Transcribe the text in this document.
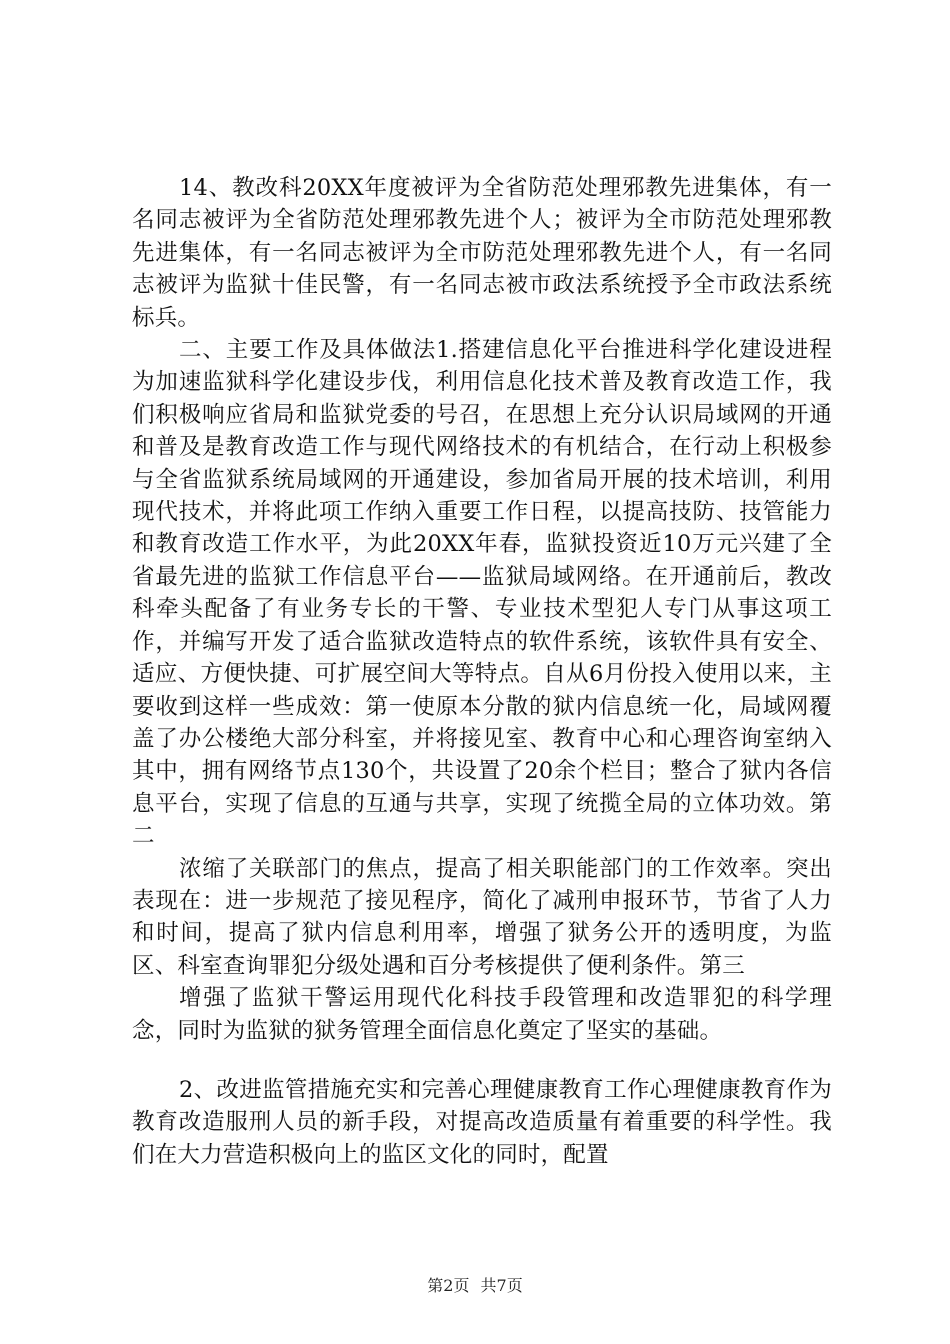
14、教改科20XX年度被评为全省防范处理邪教先进集体，有一名同志被评为全省防范处理邪教先进个人；被评为全市防范处理邪教先进集体，有一名同志被评为全市防范处理邪教先进个人，有一名同志被评为监狱十佳民警，有一名同志被市政法系统授予全市政法系统标兵。

二、主要工作及具体做法1.搭建信息化平台推进科学化建设进程为加速监狱科学化建设步伐，利用信息化技术普及教育改造工作，我们积极响应省局和监狱党委的号召，在思想上充分认识局域网的开通和普及是教育改造工作与现代网络技术的有机结合，在行动上积极参与全省监狱系统局域网的开通建设，参加省局开展的技术培训，利用现代技术，并将此项工作纳入重要工作日程，以提高技防、技管能力和教育改造工作水平，为此20XX年春，监狱投资近10万元兴建了全省最先进的监狱工作信息平台——监狱局域网络。在开通前后，教改科牵头配备了有业务专长的干警、专业技术型犯人专门从事这项工作，并编写开发了适合监狱改造特点的软件系统，该软件具有安全、适应、方便快捷、可扩展空间大等特点。自从6月份投入使用以来，主要收到这样一些成效：第一使原本分散的狱内信息统一化，局域网覆盖了办公楼绝大部分科室，并将接见室、教育中心和心理咨询室纳入其中，拥有网络节点130个，共设置了20余个栏目；整合了狱内各信息平台，实现了信息的互通与共享，实现了统揽全局的立体功效。第二

浓缩了关联部门的焦点，提高了相关职能部门的工作效率。突出表现在：进一步规范了接见程序，简化了减刑申报环节，节省了人力和时间，提高了狱内信息利用率，增强了狱务公开的透明度，为监区、科室查询罪犯分级处遇和百分考核提供了便利条件。第三

增强了监狱干警运用现代化科技手段管理和改造罪犯的科学理念，同时为监狱的狱务管理全面信息化奠定了坚实的基础。

2、改进监管措施充实和完善心理健康教育工作心理健康教育作为教育改造服刑人员的新手段，对提高改造质量有着重要的科学性。我们在大力营造积极向上的监区文化的同时，配置

第2页 共7页
